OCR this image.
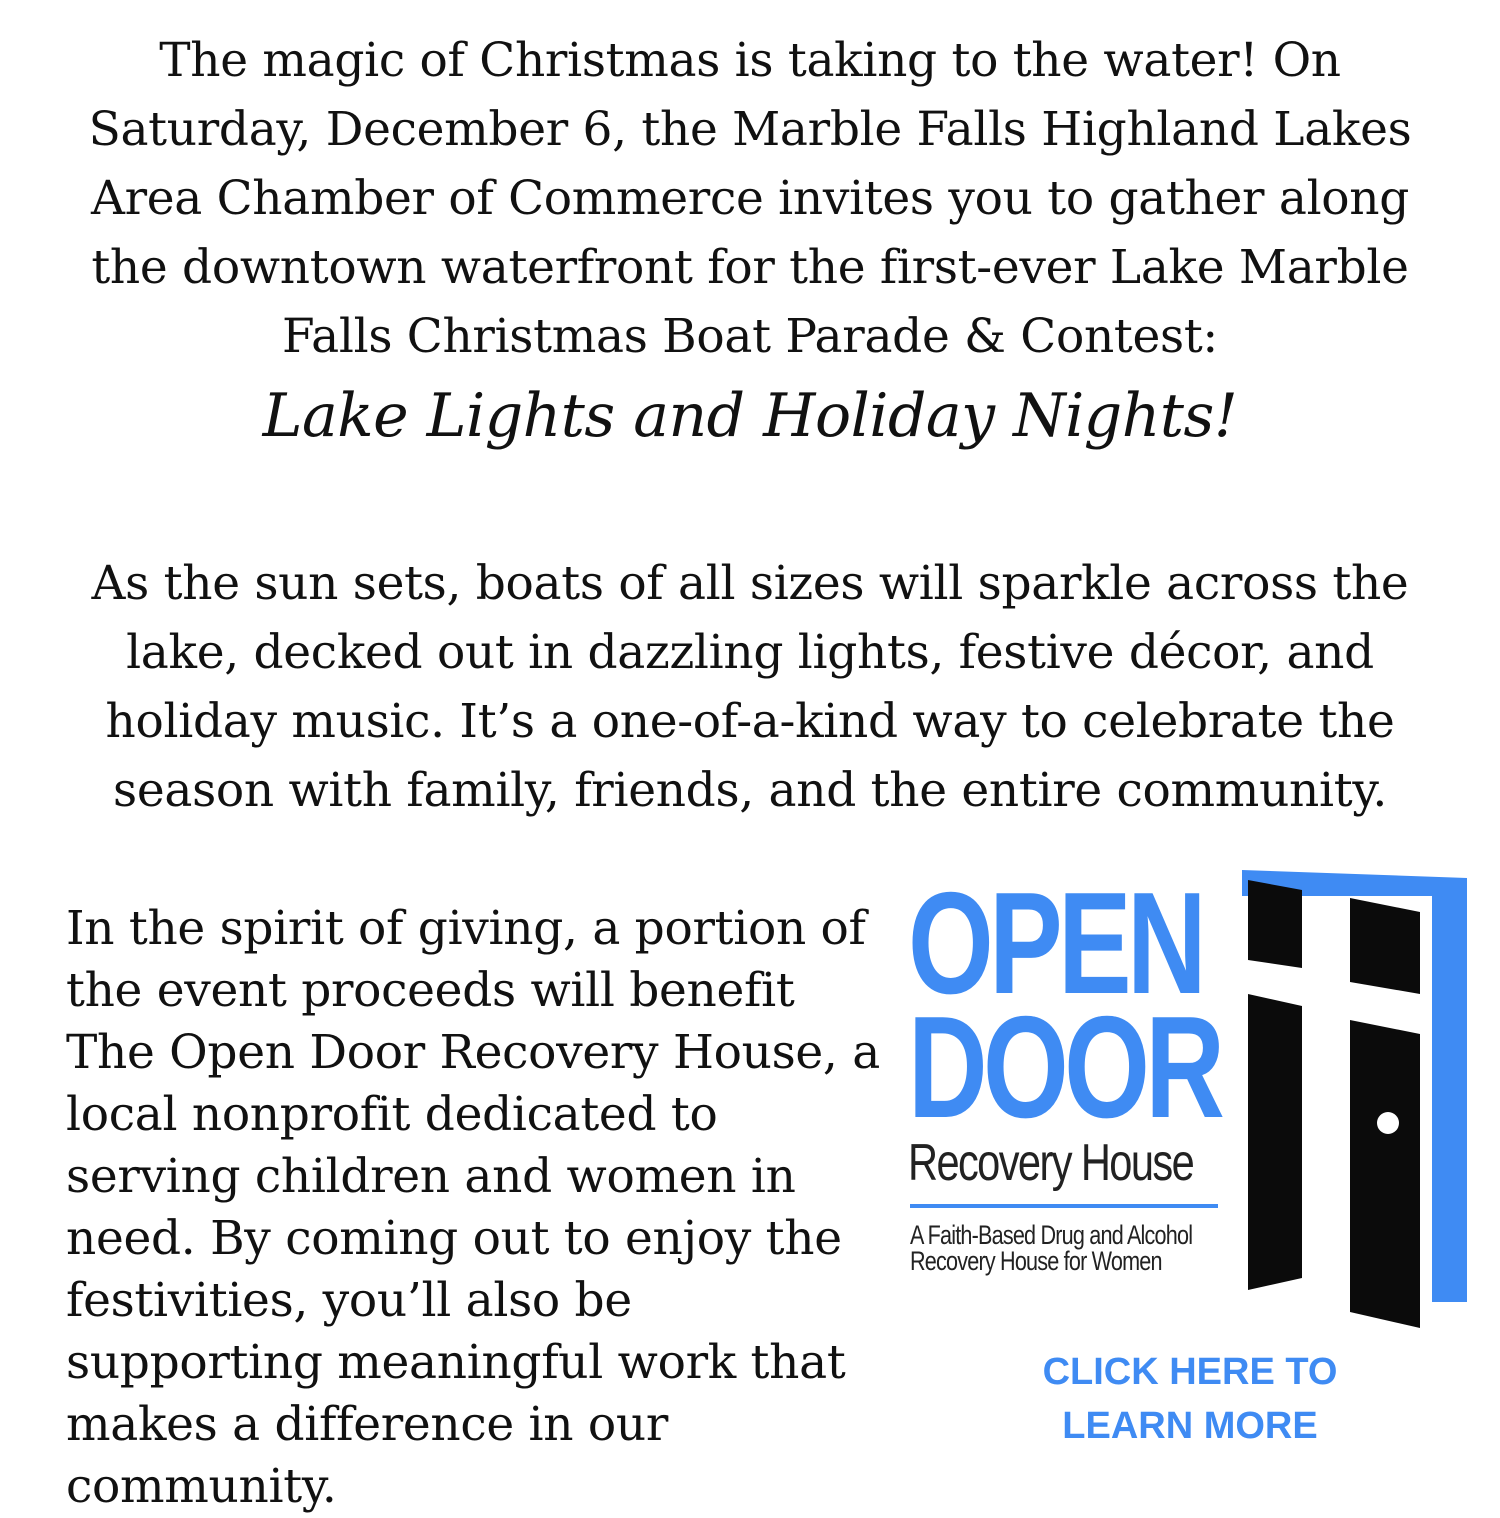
The magic of Christmas is taking to the water! On Saturday, December 6, the Marble Falls Highland Lakes Area Chamber of Commerce invites you to gather along the downtown waterfront for the first-ever Lake Marble Falls Christmas Boat Parade & Contest:
Lake Lights and Holiday Nights!
As the sun sets, boats of all sizes will sparkle across the lake, decked out in dazzling lights, festive décor, and holiday music. It’s a one-of-a-kind way to celebrate the season with family, friends, and the entire community.
In the spirit of giving, a portion of the event proceeds will benefit The Open Door Recovery House, a local nonprofit dedicated to serving children and women in need. By coming out to enjoy the festivities, you’ll also be supporting meaningful work that makes a difference in our community.
OPEN
DOOR
Recovery House
A Faith-Based Drug and Alcohol
Recovery House for Women
CLICK HERE TO
LEARN MORE
